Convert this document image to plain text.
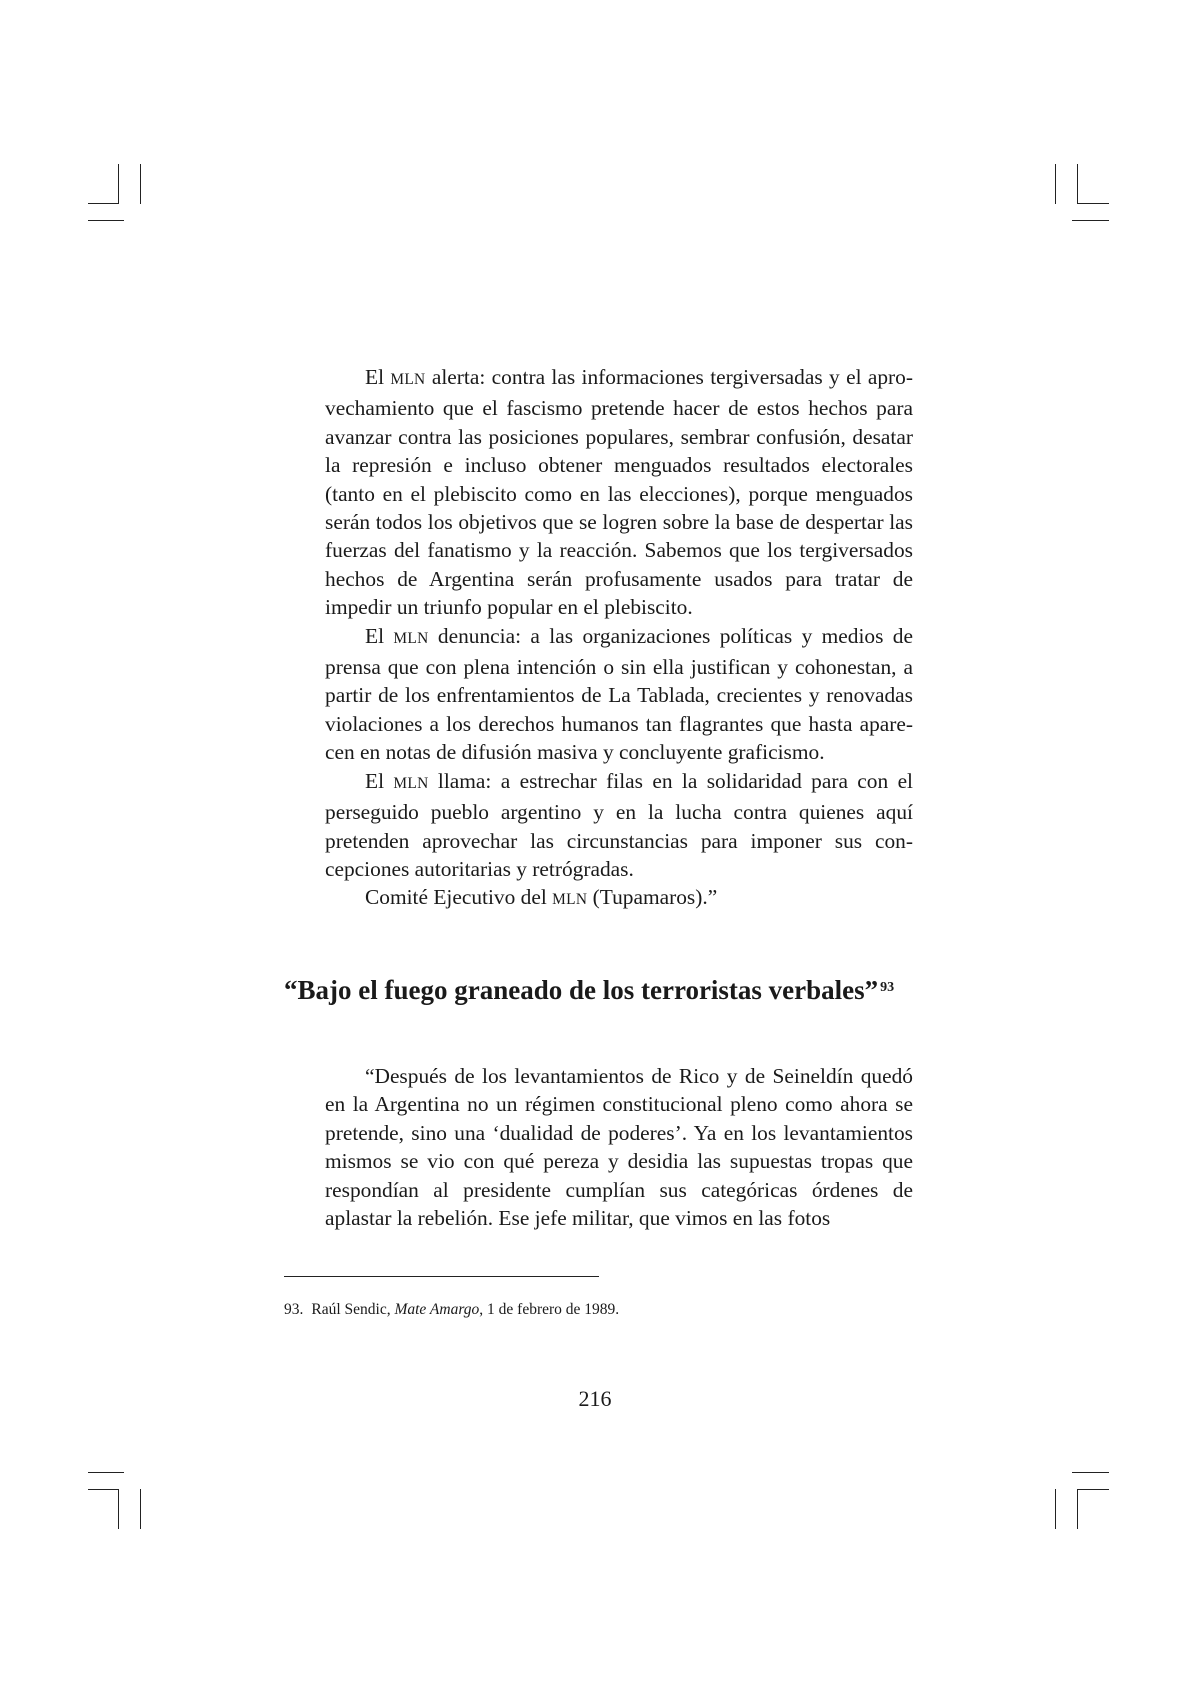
El MLN alerta: contra las informaciones tergiversadas y el aprovechamiento que el fascismo pretende hacer de estos hechos para avanzar contra las posiciones populares, sembrar confusión, desatar la represión e incluso obtener menguados resultados electorales (tanto en el plebiscito como en las elecciones), porque menguados serán todos los objetivos que se logren sobre la base de despertar las fuerzas del fanatismo y la reacción. Sabemos que los tergiversados hechos de Argentina serán profusamente usados para tratar de impedir un triunfo popular en el plebiscito.

El MLN denuncia: a las organizaciones políticas y medios de prensa que con plena intención o sin ella justifican y cohonestan, a partir de los enfrentamientos de La Tablada, crecientes y renovadas violaciones a los derechos humanos tan flagrantes que hasta aparecen en notas de difusión masiva y concluyente graficismo.

El MLN llama: a estrechar filas en la solidaridad para con el perseguido pueblo argentino y en la lucha contra quienes aquí pretenden aprovechar las circunstancias para imponer sus concepciones autoritarias y retrógradas.

Comité Ejecutivo del MLN (Tupamaros).”

“Bajo el fuego graneado de los terroristas verbales” $^{93}$

“Después de los levantamientos de Rico y de Seineldín quedó en la Argentina no un régimen constitucional pleno como ahora se pretende, sino una ‘dualidad de poderes’. Ya en los levantamientos mismos se vio con qué pereza y desidia las supuestas tropas que respondían al presidente cumplían sus categóricas órdenes de aplastar la rebelión. Ese jefe militar, que vimos en las fotos

93. Raúl Sendic, Mate Amargo, 1 de febrero de 1989.
216
